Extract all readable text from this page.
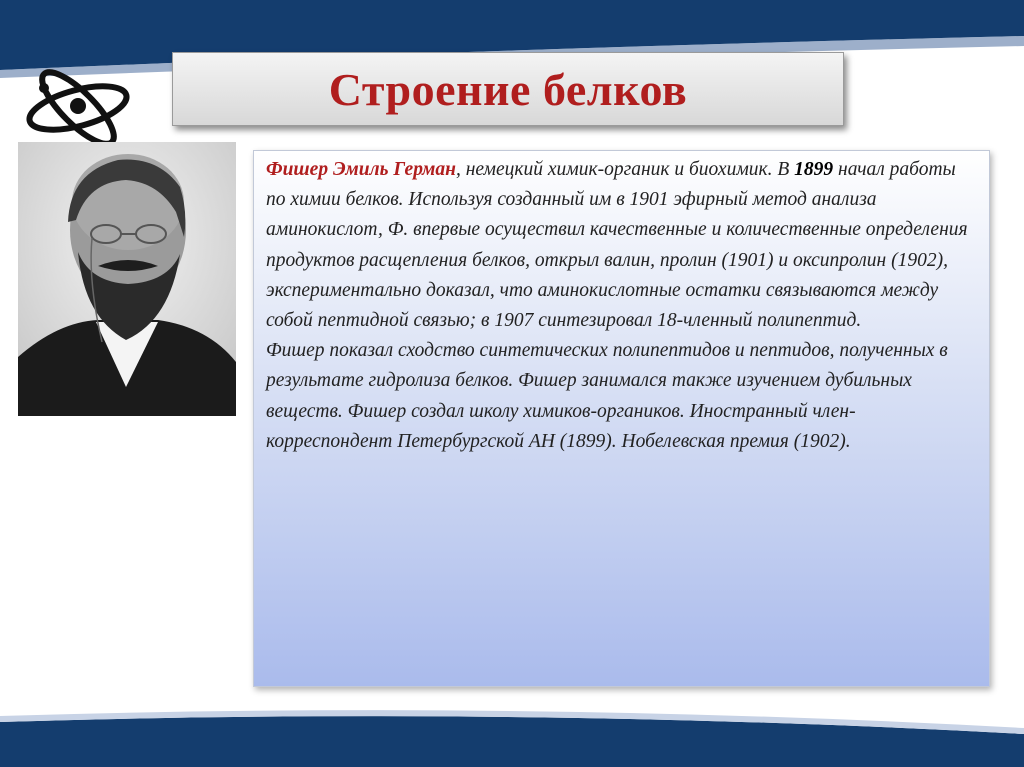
Строение белков

Фишер Эмиль Герман, немецкий химик-органик и биохимик. В 1899 начал работы по химии белков. Используя созданный им в 1901 эфирный метод анализа аминокислот, Ф. впервые осуществил качественные и количественные определения продуктов расщепления белков, открыл валин, пролин (1901) и оксипролин (1902), экспериментально доказал, что аминокислотные остатки связываются между собой пептидной связью; в 1907 синтезировал 18-членный полипептид.

Фишер показал сходство синтетических полипептидов и пептидов, полученных в результате гидролиза белков. Фишер занимался также изучением дубильных веществ. Фишер создал школу химиков-органиков. Иностранный член-корреспондент Петербургской АН (1899). Нобелевская премия (1902).
